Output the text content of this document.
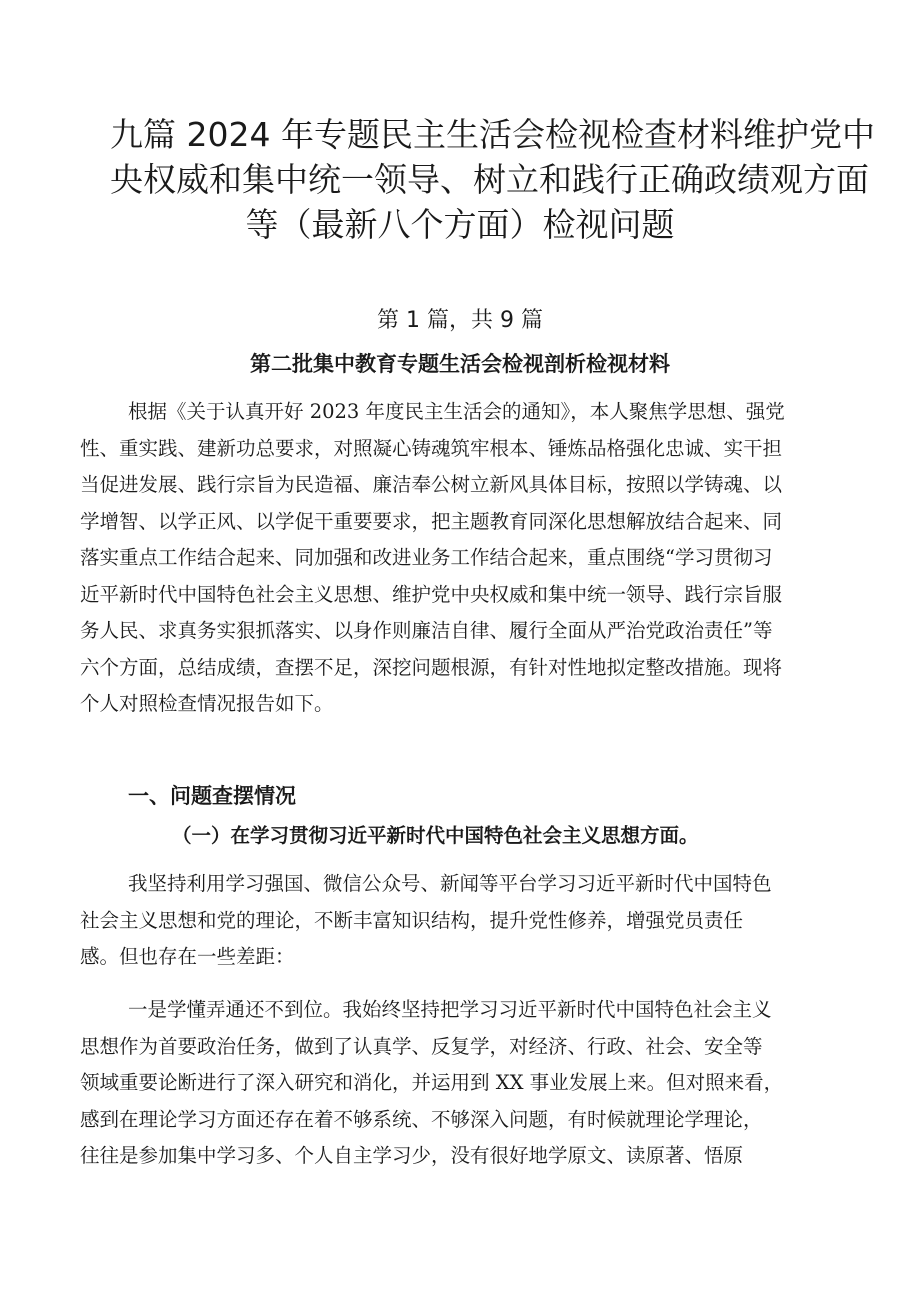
九篇 2024 年专题民主生活会检视检查材料维护党中
央权威和集中统一领导、树立和践行正确政绩观方面
等（最新八个方面）检视问题

第 1 篇，共 9 篇

第二批集中教育专题生活会检视剖析检视材料

根据《关于认真开好 2023 年度民主生活会的通知》，本人聚焦学思想、强党
性、重实践、建新功总要求，对照凝心铸魂筑牢根本、锤炼品格强化忠诚、实干担
当促进发展、践行宗旨为民造福、廉洁奉公树立新风具体目标，按照以学铸魂、以
学增智、以学正风、以学促干重要要求，把主题教育同深化思想解放结合起来、同
落实重点工作结合起来、同加强和改进业务工作结合起来，重点围绕“学习贯彻习
近平新时代中国特色社会主义思想、维护党中央权威和集中统一领导、践行宗旨服
务人民、求真务实狠抓落实、以身作则廉洁自律、履行全面从严治党政治责任”等
六个方面，总结成绩，查摆不足，深挖问题根源，有针对性地拟定整改措施。现将
个人对照检查情况报告如下。
一、问题查摆情况
（一）在学习贯彻习近平新时代中国特色社会主义思想方面。
我坚持利用学习强国、微信公众号、新闻等平台学习习近平新时代中国特色
社会主义思想和党的理论，不断丰富知识结构，提升党性修养，增强党员责任
感。但也存在一些差距：
一是学懂弄通还不到位。我始终坚持把学习习近平新时代中国特色社会主义
思想作为首要政治任务，做到了认真学、反复学，对经济、行政、社会、安全等
领域重要论断进行了深入研究和消化，并运用到 XX 事业发展上来。但对照来看，
感到在理论学习方面还存在着不够系统、不够深入问题，有时候就理论学理论，
往往是参加集中学习多、个人自主学习少，没有很好地学原文、读原著、悟原
